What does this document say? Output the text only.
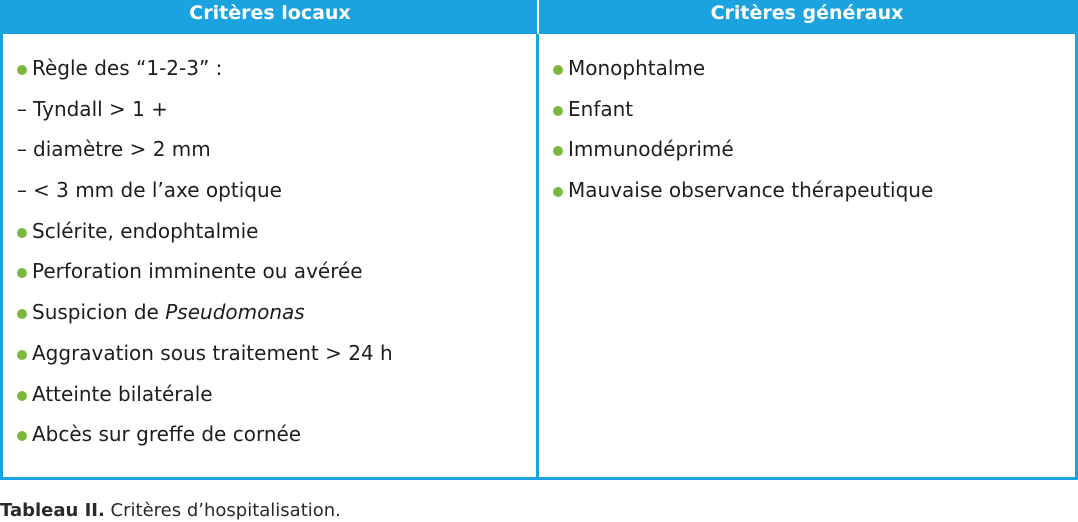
Critères locaux	Critères généraux
Règle des “1-2-3” :
– Tyndall > 1 +
– diamètre > 2 mm
– < 3 mm de l’axe optique
Sclérite, endophtalmie
Perforation imminente ou avérée
Suspicion de Pseudomonas
Aggravation sous traitement > 24 h
Atteinte bilatérale
Abcès sur greffe de cornée
Monophtalme
Enfant
Immunodéprimé
Mauvaise observance thérapeutique
Tableau II. Critères d’hospitalisation.
